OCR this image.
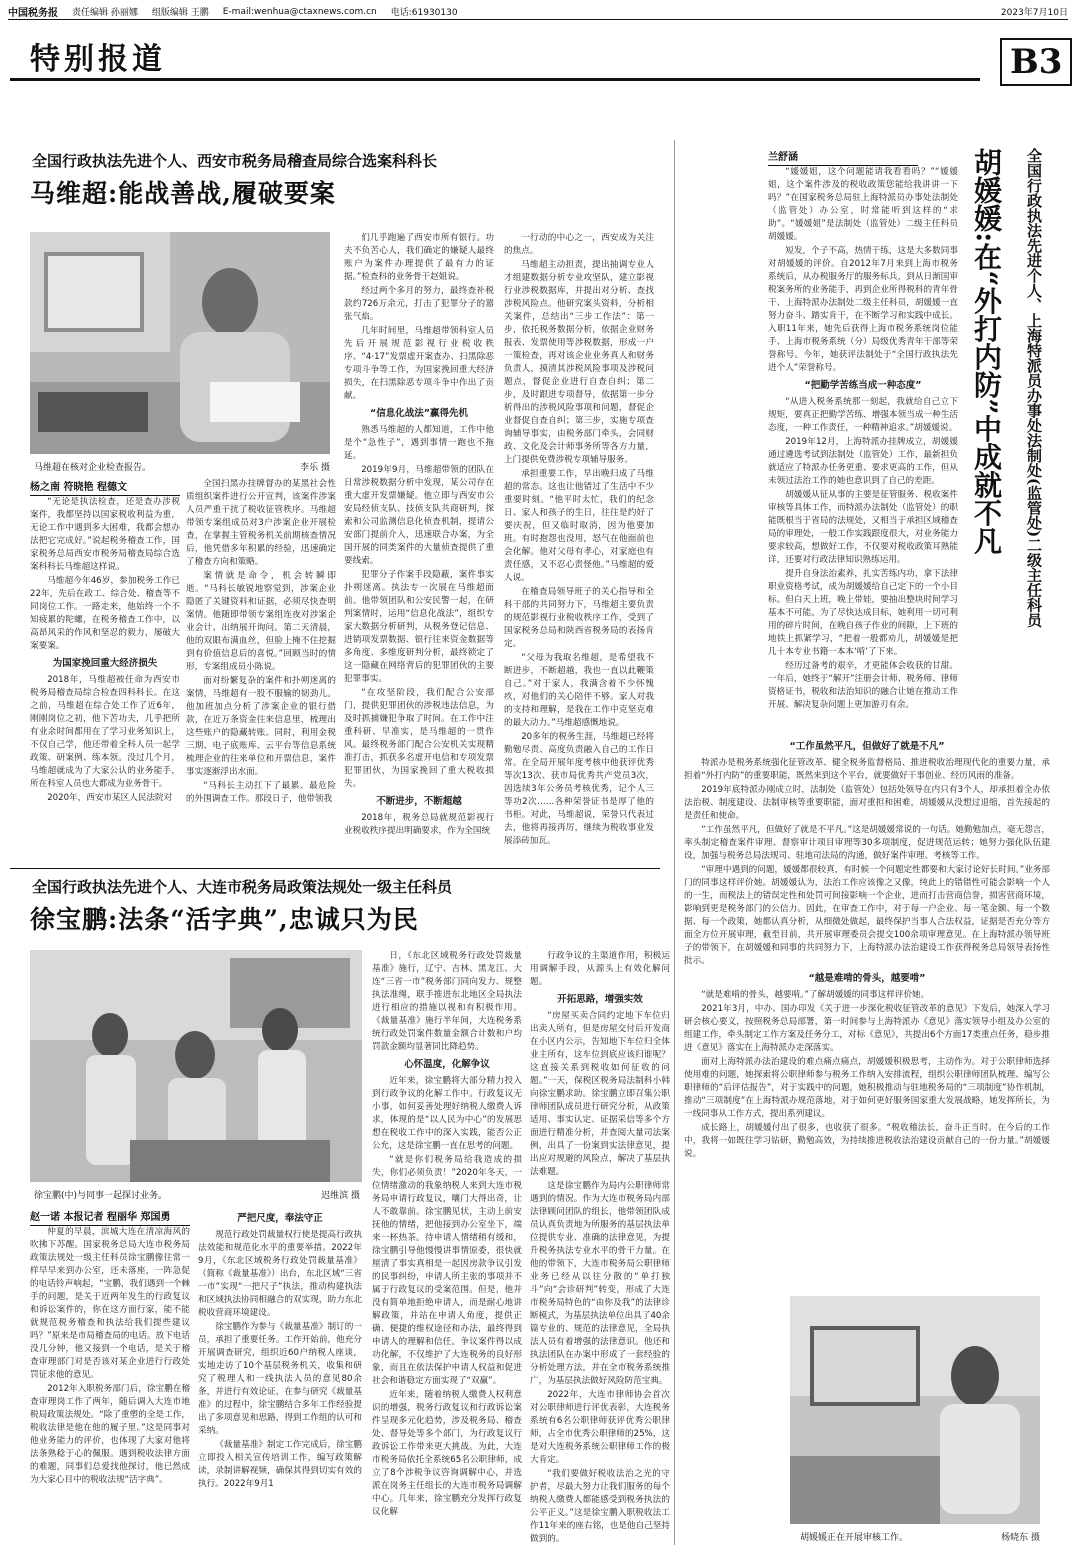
中国税务报 责任编辑 孙丽娜 组版编辑 王鹏 E-mail:wenhua@ctaxnews.com.cn 电话:61930130	2023年7月10日
特别报道	B3
全国行政执法先进个人、西安市税务局稽查局综合选案科科长
马维超:能战善战,履破要案
马维超在核对企业检查报告。	李乐 摄
杨之南 符晓艳 程德文

“无论是执法检查，还是查办涉税案件，我都坚持以国家税收利益为重，无论工作中遇到多大困难，我都会想办法把它完成好。”说起税务稽查工作，国家税务总局西安市税务局稽查局综合选案科科长马维超这样说。

马维超今年46岁，参加税务工作已22年，先后在政工、综合处、稽查等不同岗位工作。一路走来，他始终一个不知疲累的陀螺，在税务稽查工作中，以高昂风采的作风和坚忍的毅力，屡破大案要案。

为国家挽回重大经济损失

2018年，马维超被任命为西安市税务局稽查局综合检查四科科长。在这之前，马维超在综合处工作了近6年，刚刚岗位之初，他下苦功夫，几乎把所有业余时间都用在了学习业务知识上，不仅自己学，他还带着全科人员一起学政策、研案例、练本领。没过几个月，马维超就成为了大家公认的业务能手，所在科室人员也大都成为业务骨干。

2020年，西安市某区人民法院对

全国扫黑办挂牌督办的某黑社会性质组织案件进行公开宣判，该案件涉案人员严重干扰了税收征管秩序。马维超带领专案组成员对3户涉案企业开展检查，在掌握主管税务机关前期核查情况后，他凭借多年积累的经验，迅速确定了稽查方向和策略。

案情就是命令，机会转瞬即逝。“马科长敏锐地察觉到，涉案企业隐匿了关键资料和证据，必须尽快查明案情。他随即带领专案组连夜对涉案企业会计、出纳展开询问。第二天清晨，他的双眼布满血丝，但脸上掩不住挖掘到有价值信息后的喜悦。”回顾当时的情形，专案组成员小陈说。

面对纷繁复杂的案件和扑朔迷离的案情，马维超有一股不服输的韧劲儿。他加班加点分析了涉案企业的银行借款，在近万条资金往来信息里，梳理出这些账户的隐藏转账。同时，利用金税三期、电子底账库、云平台等信息系统梳理企业的往来单位和开票信息，案件事实逐渐浮出水面。

“马科长主动扛下了最累、最危险的外围调查工作。那段日子，他带领我

们几乎跑遍了西安市所有银行。功夫不负苦心人，我们确定的嫌疑人最终账户为案件办理提供了最有力的证据。”检查科的业务骨干赵姐说。

经过两个多月的努力，最终查补税款约726万余元，打击了犯罪分子的嚣张气焰。

几年时间里，马维超带领科室人员先后开展规范影视行业税收秩序、“4·17”发票虚开案查办、扫黑除恶专项斗争等工作，为国家挽回重大经济损失，在扫黑除恶专项斗争中作出了贡献。

“信息化战法”赢得先机

熟悉马维超的人都知道，工作中他是个“急性子”，遇到事情一跑也不拖延。

2019年9月，马维超带领的团队在日常涉税数据分析中发现，某公司存在重大虚开发票嫌疑。他立即与西安市公安局经侦支队、技侦支队共商研判，探索和公司监测信息化侦查机制，提请公安部门提前介入，迅速联合办案，为全国开展的同类案件的大量侦查提供了重要线索。

犯罪分子作案手段隐蔽，案件事实扑朔迷离。执法专一次展在马维超面前。他带领团队和公安民警一起，在研判案情时，运用“信息化战法”，组织专家大数据分析研判，从税务登记信息、进销项发票数据、银行往来资金数据等多角度、多维度研判分析，最终锁定了这一隐藏在网络背后的犯罪团伙的主要犯罪事实。

“在攻坚阶段，我们配合公安部门，提供犯罪团伙的涉税违法信息，为及时抓捕嫌犯争取了时间。在工作中注重科研、早准实，是马维超的一贯作风。最终税务部门配合公安机关实现精准打击，抓获多名虚开电信和专项发票犯罪团伙，为国家挽回了重大税收损失。

不断进步，不断超越

2018年，税务总局就规范影视行业税收秩序提出明确要求，作为全国统

一行动的中心之一，西安成为关注的焦点。

马维超主动担责，提出抽调专业人才组建数据分析专业攻坚队，建立影视行业涉税数据库，并提出对分析、查找涉税风险点。他研究案头资料，分析相关案件，总结出“三步工作法”：第一步，依托税务数据分析，依据企业财务报表、发票使用等涉税数据，形成一户一策检查，再对该企业业务真人和财务负责人，摸清其涉税风险事项及涉税问题点，督促企业进行自查自纠；第二步，及时跟进专项督导，依据第一步分析得出的涉税风险事项和问题，督促企业督促自查自纠；第三步，实施专项查询辅导事实，由税务部门牵头，会同财政、文化及会计师事务所等各方力量，上门提供免费涉税专项辅导服务。

承担重要工作，早出晚归成了马维超的常态。这也让他错过了生活中不少重要时刻。“他平时太忙，我们的纪念日、家人和孩子的生日，往往是约好了要庆祝，但又临时取消，因为他要加班。有时抱怨也没用，怒气在他面前也会化解。他对父母有孝心，对家庭也有责任感，又不忍心责怪他。”马维超的爱人说。

在稽查局领导班子的关心指导和全科干部的共同努力下，马维超主要负责的规范影视行业税收秩序工作，受到了国家税务总局和陕西省税务局的表扬肯定。

“父母为我取名维超，是希望我不断进步，不断超越，我也一直以此鞭策自己。”对于家人，我满含着不少怀愧疚，对他们的关心陪伴不够。家人对我的支持和理解，是我在工作中克坚克难的最大动力。”马维超感慨地说。

20多年的税务生涯，马维超已经将勤勉尽责、高度负责融入自己的工作日常。在全局开展年度考核中他获评优秀等次13次、获市局优秀共产党员3次，因选续3年公务员考核优秀，记个人三等功2次……各种荣誉证书是厚了他的书柜。对此，马维超说，荣誉只代表过去，他将再接再厉，继续为税收事业发展添砖加瓦。

全国行政执法先进个人、大连市税务局政策法规处一级主任科员
徐宝鹏:法条“活字典”,忠诚只为民
徐宝鹏(中)与同事一起探讨业务。	迟维滨 摄
赵一诺 本报记者 程丽华 郑国勇

仲夏的早晨，滨城大连在清凉海风的吹拂下苏醒。国家税务总局大连市税务局政策法规处一级主任科员徐宝鹏像往常一样早早来到办公室，还未落座，一阵急促的电话铃声响起，“宝鹏，我们遇到一个棘手的问题，是关于近两年发生的行政复议和诉讼案件的，你在这方面行家，能不能就规范税务稽查和执法给我们提些建议吗？”原来是市局稽查局的电话。放下电话没几分钟，他又接到一个电话，是关于稽查审理部门对是否该对某企业进行行政处罚征求他的意见。

2012年入职税务部门后，徐宝鹏在稽查审理岗工作了两年，随后调入大连市地税局政策法规处。“除了重塑的全是工作，税收法律是他在他的履子里。”这是同事对他业务能力的评价，也体现了大家对他将法条熟稔于心的佩服。遇到税收法律方面的难题，同事们总爱找他探讨，他已然成为大家心目中的税收法规“活字典”。

严把尺度，奉法守正

规范行政处罚裁量权行使是提高行政执法效能和规范化水平的重要举措。2022年9月，《东北区域税务行政处罚裁量基准》（简称《裁量基准》）出台，东北区域“三省一市”实现“一把尺子”执法，推动构建执法和区域执法协同相融合的双实现，助力东北税收营商环境建设。

徐宝鹏作为参与《裁量基准》制订的一员，承担了重要任务。工作开始前，他充分开展调查研究，组织近60户纳税人座谈，实地走访了10个基层税务机关，收集和研究了税理人和一线执法人员的意见80余条，并进行有效论证，在参与研究《裁量基准》的过程中，徐宝鹏结合多年工作经验提出了多项意见和思路，得到工作组的认可和采纳。

《裁量基准》制定工作完成后，徐宝鹏立即投入相关宣传培训工作，编写政策解读，录制讲解视频，确保其得到切实有效的执行。2022年9月1

日，《东北区域税务行政处罚裁量基准》施行，辽宁、吉林、黑龙江、大连“三省一市”税务部门同向发力、规整执法准绳，联手推进东北地区全局执法进行相应的措施以视和有积极作用。《裁量基准》施行半年间，大连税务系统行政处罚案件数量金额合计数和户均罚款金额均显著同比降趋势。

心怀温度，化解争议

近年来，徐宝鹏将大部分精力投入到行政争议的化解工作中。行政复议无小事，如何妥善处理好纳税人缴费人诉求，体现的是“以人民为中心”的发展思想在税收工作中的深入实践，能否公正公允，这是徐宝鹏一直在思考的问题。

“就是你们税务局给我造成的损失，你们必须负责！”2020年冬天，一位情绪激动的我象纳税人来到大连市税务局申请行政复议，嚷门大得出奇，让人不敢靠前。徐宝鹏见状，主动上前安抚他的情绪，把他接到办公室坐下，端来一杯热茶。待申请人情绪稍有缓和，徐宝鹏引导他慢慢讲事情原委，很快就厘清了事实真相是一起因房款争议引发的民事纠纷，申请人所主张的事项并不属于行政复议的受案范围。但是，他并没有简单地拒绝申请人，而是耐心地讲解政策，并站在申请人角度，提供正确、便捷的维权途径和办法，最终得到申请人的理解和信任。争议案件得以成功化解，不仅维护了大连税务的良好形象，而且在依法保护申请人权益和促进社会和谐稳定方面实现了“双赢”。

近年来，随着纳税人缴费人权利意识的增强，税务行政复议和行政诉讼案件呈现多元化趋势，涉及税务局、稽查处、督导处等多个部门，为行政复议行政诉讼工作带来更大挑战。为此，大连市税务局依托全系统65名公职律师，成立了8个涉税争议咨询调解中心，并选派在岗务主任组长的大连市税务局调解中心。几年来，徐宝鹏充分发挥行政复议化解

行政争议的主渠道作用，积极运用调解手段，从源头上有效化解问题。

开拓思路，增强实效

“房屋买卖合同约定地下车位归出卖人所有，但是房屋交付后开发商在小区内公示，告知地下车位归全体业主所有，这车位到底应该归谁呢？这直接关系到税收如何征收的问题。”一天，保税区税务局法制科小韩向徐宝鹏求助。徐宝鹏立即召集公职律师团队成员进行研究分析，从政策适用、事实认定、证据采信等多个方面进行精准分析，并查阅大量司法案例，出具了一份案到实法律意见，提出应对规避的风险点，解决了基层执法难题。

这是徐宝鹏作为局内公职律师常遇到的情况。作为大连市税务局内部法律顾问团队的组长，他带领团队成员认真负责地为所服务的基层执法单位提供专业、准确的法律意见，为提升税务执法专业水平的骨干力量。在他的带领下，大连市税务局公职律师业务已经从以往分散的“单打独斗”向“会诊研判”转变，形成了大连市税务局特色的“由你及我”的法律诊断模式，为基层执法单位出具了40余篇专业的、规范的法律意见，全局执法人员有着增强的法律意识。他还和执法团队在办案中形成了一套经验的分析处理方法，并在全市税务系统推广，为基层执法做好风险防范宝典。

2022年，大连市律师协会首次对公职律师进行评优表彰，大连税务系统有6名公职律师获评优秀公职律师，占全市优秀公职律师的25%，这是对大连税务系统公职律师工作的极大肯定。

“我们要做好税收法治之光的守护者，尽最大努力让我们服务的每个纳税人缴费人都能感受到税务执法的公平正义。”这是徐宝鹏入职税收法工作11年来的座右铭，也是他自己坚持做到的。

兰舒涵	全国行政执法先进个人、上海特派员办事处法制处(监管处)二级主任科员
胡媛媛:在“外打内防”中成就不凡

“媛媛姐，这个问题能请我看看吗？”“媛媛姐，这个案件涉及的税收政策您能给我讲讲一下吗？”在国家税务总局驻上海特派员办事处法制处（监管处）办公室，时常能听到这样的“求助”。“媛媛姐”是法制处（监管处）二级主任科员胡媛媛。

短发，个子不高，热情干练，这是大多数同事对胡媛媛的评价。自2012年7月来到上海市税务系统后，从办税服务厅的服务标兵，到从日渐国审税案务所的业务能手，再到企业所得税科的青年骨干、上海特派办法制处二级主任科员，胡媛媛一直努力奋斗、踏实肯干，在不断学习和实践中成长。入职11年来，她先后获得上海市税务系统岗位能手、上海市税务系统（分）局级优秀青年干部等荣誉称号。今年，她获评法制处于“全国行政执法先进个人”荣誉称号。

“把勤学苦练当成一种态度”

“从进入税务系统那一刻起，我就给自己立下规矩，要真正把勤学苦练、增强本领当成一种生活态度，一种工作责任，一种精神追求。”胡媛媛说。

2019年12月，上海特派办挂牌成立，胡媛媛通过遴选考试到法制处（监管处）工作，最新担负就适应了特派办任务更重、要求更高的工作，但从未领过法治工作的她也意识到了自己的差距。

胡媛媛从征从事的主要是征管服务、税收案件审核等具体工作，而特派办法制处（监管处）的职能既根当于省局的法规处，又相当于承担区域稽查局的审理处，一般工作实践跟度很大，对业务能力要求较高，想做好工作，不仅要对税收政策耳熟能详，还要对行政法律知识熟练运用。

提升自身法治素养，扎实苦练内功，拿下法律职业资格考试，成为胡媛媛给自己定下的一个小目标。但白天上班，晚上带娃，要抽出整块时间学习基本不可能。为了尽快达成目标，她利用一切可利用的碎片时间，在晚自孩子作业的间隙，上下班的地铁上抓紧学习，“把着一般都劝儿，胡媛媛是把几十本专业书籍一本本‘啃’了下来。

经历过备考的艰辛，才更能体会收获的甘甜。一年后，她终于“解开”注册会计师、税务师、律师资格证书，税收和法治知识的融合让她在推动工作开展、解决复杂问题上更加游刃有余。

“工作虽然平凡，但做好了就是不凡”

特派办是税务系统强化征管改革、健全税务监督格局、推进税收治理现代化的重要力量，承担着“外打内防”的重要职能，既然来到这个平台，就要做好干事创业、经历风雨的准备。

2019年底特派办刚成立时，法制处（监管处）包括处领导在内只有3个人，却承担着全办依法治税、制度建设、法制审核等重要职能，面对重担和困难，胡媛媛从没想过退缩，首先接起的是责任和使命。

“工作虽然平凡，但做好了就是不平凡。”这是胡媛媛常说的一句话。她勤勉加点，毫无怨言，率头制定稽查案件审理、督察审计项目审理等30多项制度，促进规范运转；她努力强化队伍建设，加强与税务总局法规司、驻地司法局的沟通，做好案件审理、考核等工作。

“审理中遇到的问题，媛媛都很较真，有时候一个问题定性都要和大家讨论好长时间。”业务部门的同事这样评价她。胡媛媛认为，法治工作应该像之又像，纯此上的错错性可能会影响一个人的一生，而税法上的错误定性和处罚可间接影响一个企业，进而打击营商信誉，损害营商环境，影响到更是税务部门的公信力。因此，在审查工作中，对于每一户企业、每一笔金额、每一个数据、每一个政策，她都认真分析，从细微处做起，最终保护当事人合法权益，证据是否充分等方面全方位开展审理，截至目前，共开展审理委员会提交100余项审理意见。在上海特派办领导班子的带领下，在胡媛媛和同事的共同努力下，上海特派办法治建设工作获得税务总局领导表扬性批示。

“越是难啃的骨头，越要啃”

“就是难啃的骨头，越要啃。”了解胡媛媛的同事这样评价她。

2021年3月，中办、国办印发《关于进一步深化税收征管改革的意见》下发后，她深入学习研会核心要义，按照税务总局部署，第一时间参与上海特派办《意见》落实领导小组及办公室的组建工作，牵头制定工作方案及任务分工，对标《意见》，共提出6个方面17类重点任务，稳步推进《意见》落实在上海特派办走深落实。

面对上海特派办法治建设的难点痛点痛点，胡媛媛积极思考，主动作为。对于公职律师选择使用难的问题，她探索将公职律师参与税务工作纳入安排流程，组织公职律师团队梳理、编写公职律师的“后评估报告”，对于实践中的问题，她积极推动与驻地税务局的“三项制度”协作机制，推动“三项制度”在上海特派办规范落地，对于如何更好服务国家重大发展战略，她发挥所长，为一线同事从工作方式，提出系列建议。

成长路上，胡媛媛付出了很多，也收获了很多。“税收稽法长，奋斗正当时。在今后的工作中，我将一如既往学习钻研，勤勉高效，为持续推进税收法治建设贡献自己的一份力量。”胡媛媛说。

胡媛媛正在开展审核工作。	杨晓东 摄
